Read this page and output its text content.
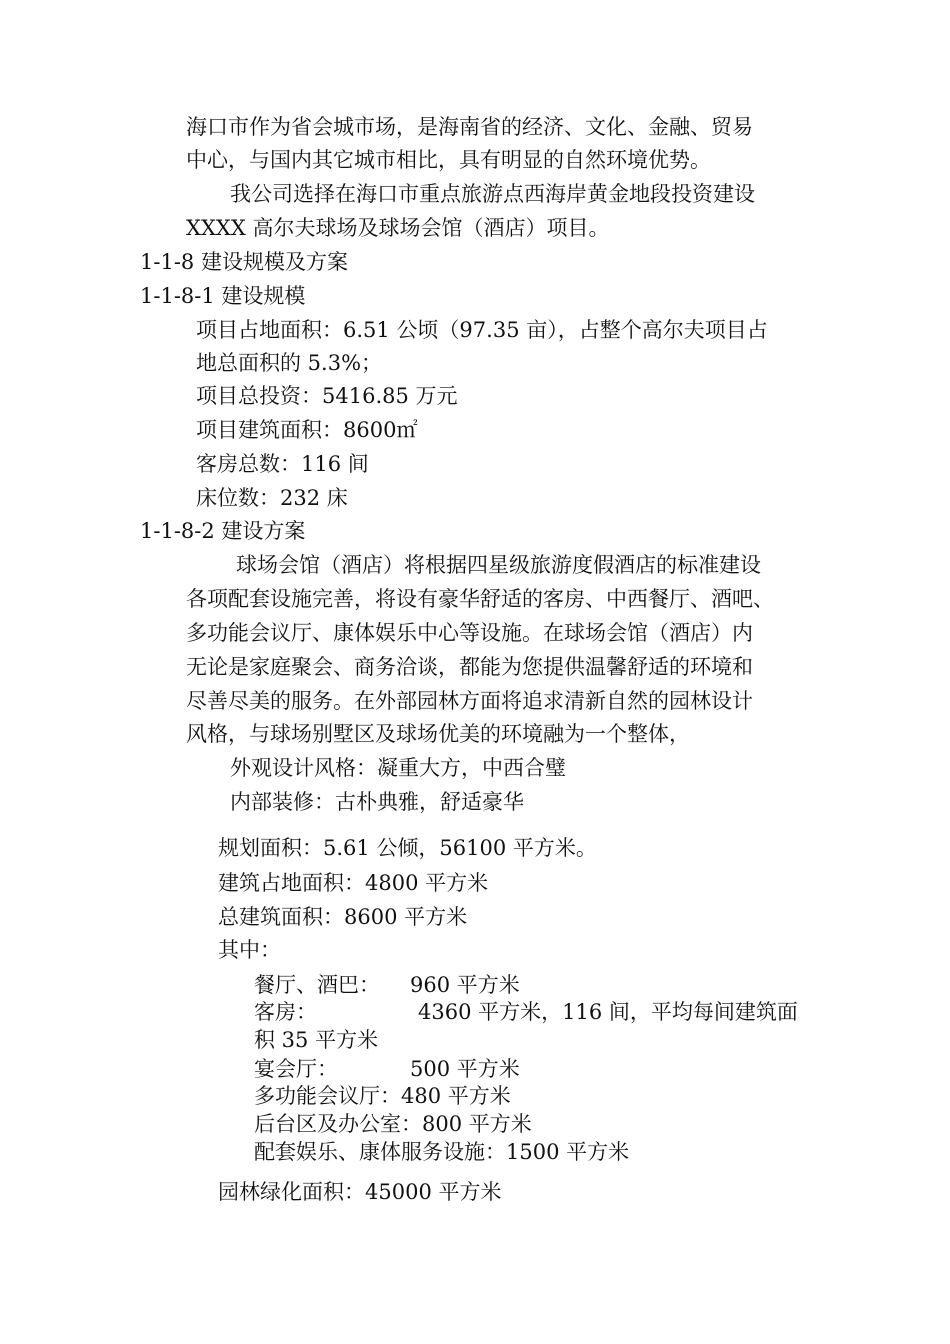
海口市作为省会城市场，是海南省的经济、文化、金融、贸易
中心，与国内其它城市相比，具有明显的自然环境优势。
我公司选择在海口市重点旅游点西海岸黄金地段投资建设
XXXX 高尔夫球场及球场会馆（酒店）项目。
1-1-8 建设规模及方案
1-1-8-1 建设规模
项目占地面积：6.51 公顷（97.35 亩），占整个高尔夫项目占
地总面积的 5.3%；
项目总投资：5416.85 万元
项目建筑面积：8600㎡
客房总数：116 间
床位数：232 床
1-1-8-2 建设方案
球场会馆（酒店）将根据四星级旅游度假酒店的标准建设
各项配套设施完善，将设有豪华舒适的客房、中西餐厅、酒吧、
多功能会议厅、康体娱乐中心等设施。在球场会馆（酒店）内
无论是家庭聚会、商务洽谈，都能为您提供温馨舒适的环境和
尽善尽美的服务。在外部园林方面将追求清新自然的园林设计
风格，与球场别墅区及球场优美的环境融为一个整体，
外观设计风格：凝重大方，中西合璧
内部装修：古朴典雅，舒适豪华
规划面积：5.61 公倾，56100 平方米。
建筑占地面积：4800 平方米
总建筑面积：8600 平方米
其中：
餐厅、酒巴： 960 平方米
客房：	4360 平方米，116 间，平均每间建筑面
积 35 平方米
宴会厅：	500 平方米
多功能会议厅：480 平方米
后台区及办公室：800 平方米
配套娱乐、康体服务设施：1500 平方米
园林绿化面积：45000 平方米
